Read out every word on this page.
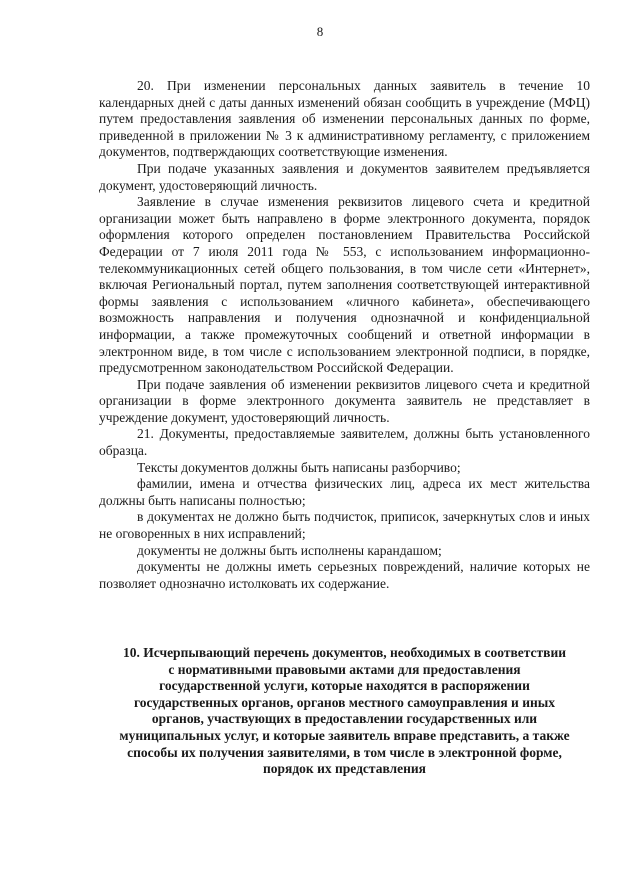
8

20. При изменении персональных данных заявитель в течение 10 календарных дней с даты данных изменений обязан сообщить в учреждение (МФЦ) путем предоставления заявления об изменении персональных данных по форме, приведенной в приложении № 3 к административному регламенту, с приложением документов, подтверждающих соответствующие изменения.

При подаче указанных заявления и документов заявителем предъявляется документ, удостоверяющий личность.

Заявление в случае изменения реквизитов лицевого счета и кредитной организации может быть направлено в форме электронного документа, порядок оформления которого определен постановлением Правительства Российской Федерации от 7 июля 2011 года № 553, с использованием информационно-телекоммуникационных сетей общего пользования, в том числе сети «Интернет», включая Региональный портал, путем заполнения соответствующей интерактивной формы заявления с использованием «личного кабинета», обеспечивающего возможность направления и получения однозначной и конфиденциальной информации, а также промежуточных сообщений и ответной информации в электронном виде, в том числе с использованием электронной подписи, в порядке, предусмотренном законодательством Российской Федерации.

При подаче заявления об изменении реквизитов лицевого счета и кредитной организации в форме электронного документа заявитель не представляет в учреждение документ, удостоверяющий личность.

21. Документы, предоставляемые заявителем, должны быть установленного образца.

Тексты документов должны быть написаны разборчиво;

фамилии, имена и отчества физических лиц, адреса их мест жительства должны быть написаны полностью;

в документах не должно быть подчисток, приписок, зачеркнутых слов и иных не оговоренных в них исправлений;

документы не должны быть исполнены карандашом;

документы не должны иметь серьезных повреждений, наличие которых не позволяет однозначно истолковать их содержание.

10. Исчерпывающий перечень документов, необходимых в соответствии
с нормативными правовыми актами для предоставления
государственной услуги, которые находятся в распоряжении
государственных органов, органов местного самоуправления и иных
органов, участвующих в предоставлении государственных или
муниципальных услуг, и которые заявитель вправе представить, а также
способы их получения заявителями, в том числе в электронной форме,
порядок их представления
